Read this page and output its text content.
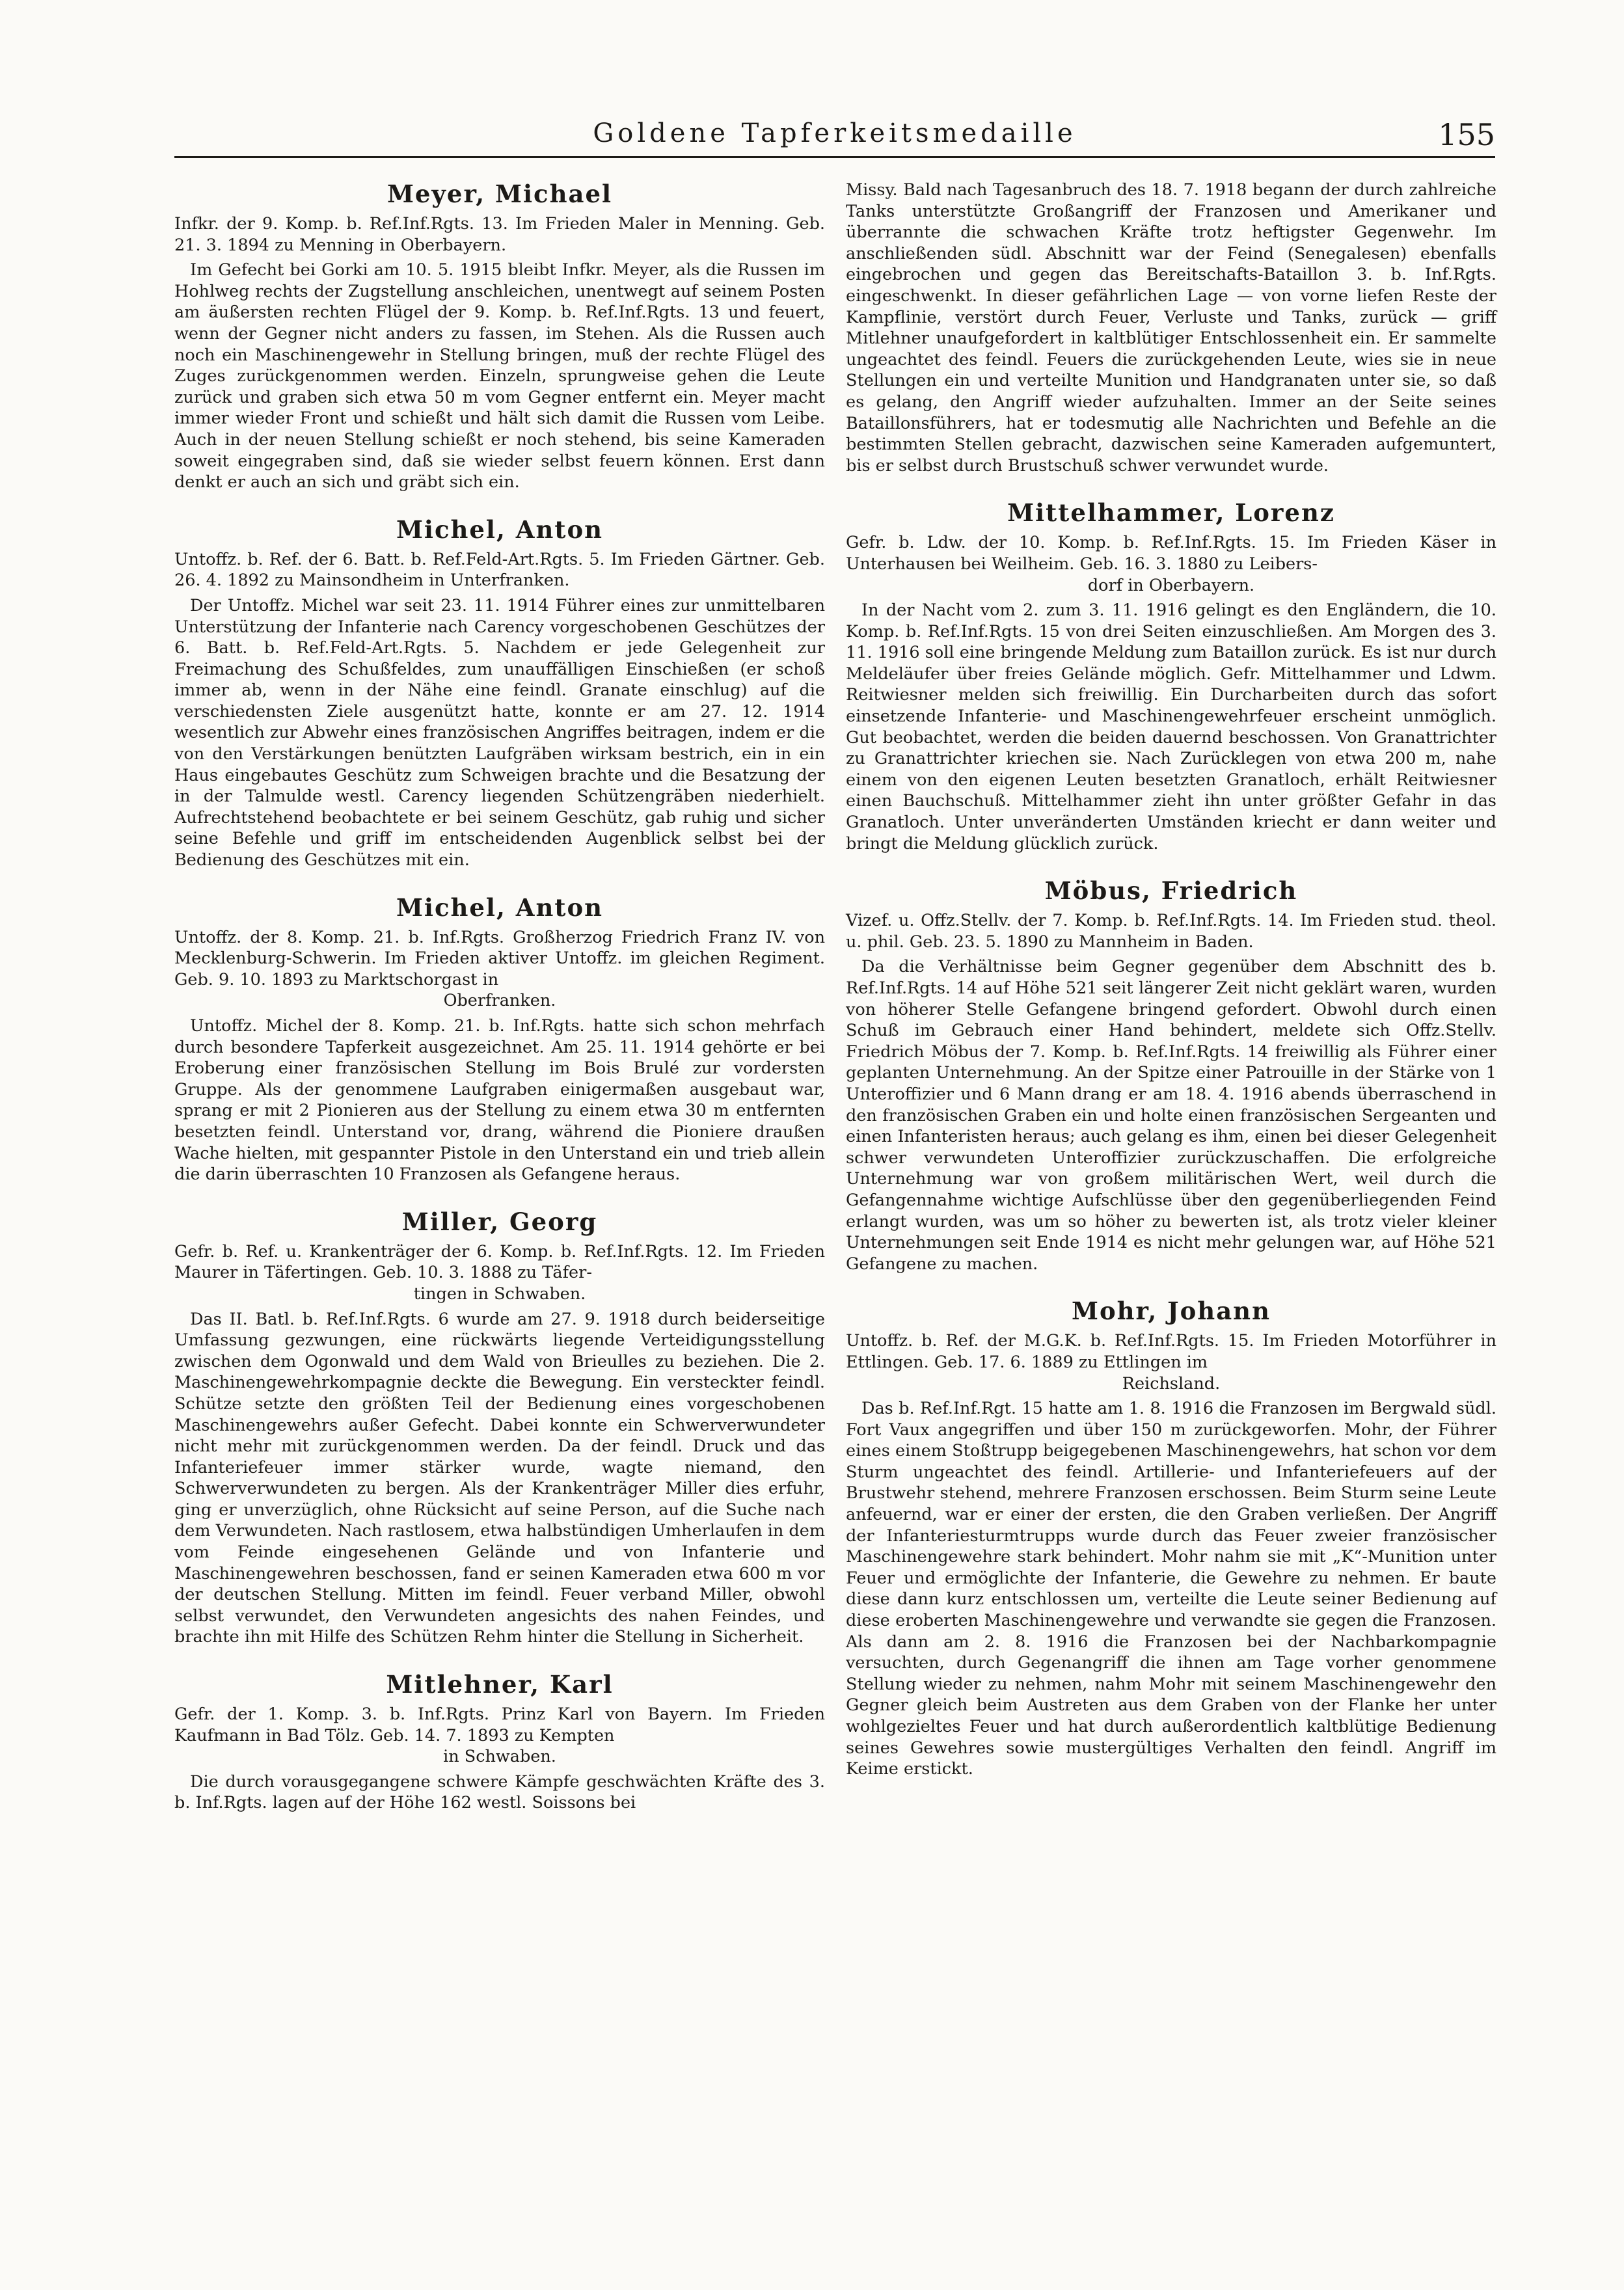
Goldene Tapferkeitsmedaille	155
Meyer, Michael

Infkr. der 9. Komp. b. Ref.Inf.Rgts. 13. Im Frieden Maler in Menning. Geb. 21. 3. 1894 zu Menning in Oberbayern.

Im Gefecht bei Gorki am 10. 5. 1915 bleibt Infkr. Meyer, als die Russen im Hohlweg rechts der Zugstellung anschleichen, unentwegt auf seinem Posten am äußersten rechten Flügel der 9. Komp. b. Ref.Inf.Rgts. 13 und feuert, wenn der Gegner nicht anders zu fassen, im Stehen. Als die Russen auch noch ein Maschinengewehr in Stellung bringen, muß der rechte Flügel des Zuges zurückgenommen werden. Einzeln, sprungweise gehen die Leute zurück und graben sich etwa 50 m vom Gegner entfernt ein. Meyer macht immer wieder Front und schießt und hält sich damit die Russen vom Leibe. Auch in der neuen Stellung schießt er noch stehend, bis seine Kameraden soweit eingegraben sind, daß sie wieder selbst feuern können. Erst dann denkt er auch an sich und gräbt sich ein.

Michel, Anton

Untoffz. b. Ref. der 6. Batt. b. Ref.Feld-Art.Rgts. 5. Im Frieden Gärtner. Geb. 26. 4. 1892 zu Mainsondheim in Unterfranken.

Der Untoffz. Michel war seit 23. 11. 1914 Führer eines zur unmittelbaren Unterstützung der Infanterie nach Carency vorgeschobenen Geschützes der 6. Batt. b. Ref.Feld-Art.Rgts. 5. Nachdem er jede Gelegenheit zur Freimachung des Schußfeldes, zum unauffälligen Einschießen (er schoß immer ab, wenn in der Nähe eine feindl. Granate einschlug) auf die verschiedensten Ziele ausgenützt hatte, konnte er am 27. 12. 1914 wesentlich zur Abwehr eines französischen Angriffes beitragen, indem er die von den Verstärkungen benützten Laufgräben wirksam bestrich, ein in ein Haus eingebautes Geschütz zum Schweigen brachte und die Besatzung der in der Talmulde westl. Carency liegenden Schützengräben niederhielt. Aufrechtstehend beobachtete er bei seinem Geschütz, gab ruhig und sicher seine Befehle und griff im entscheidenden Augenblick selbst bei der Bedienung des Geschützes mit ein.

Michel, Anton

Untoffz. der 8. Komp. 21. b. Inf.Rgts. Großherzog Friedrich Franz IV. von Mecklenburg-Schwerin. Im Frieden aktiver Untoffz. im gleichen Regiment. Geb. 9. 10. 1893 zu Marktschorgast in

Oberfranken.

Untoffz. Michel der 8. Komp. 21. b. Inf.Rgts. hatte sich schon mehrfach durch besondere Tapferkeit ausgezeichnet. Am 25. 11. 1914 gehörte er bei Eroberung einer französischen Stellung im Bois Brulé zur vordersten Gruppe. Als der genommene Laufgraben einigermaßen ausgebaut war, sprang er mit 2 Pionieren aus der Stellung zu einem etwa 30 m entfernten besetzten feindl. Unterstand vor, drang, während die Pioniere draußen Wache hielten, mit gespannter Pistole in den Unterstand ein und trieb allein die darin überraschten 10 Franzosen als Gefangene heraus.

Miller, Georg

Gefr. b. Ref. u. Krankenträger der 6. Komp. b. Ref.Inf.Rgts. 12. Im Frieden Maurer in Täfertingen. Geb. 10. 3. 1888 zu Täfer-

tingen in Schwaben.

Das II. Batl. b. Ref.Inf.Rgts. 6 wurde am 27. 9. 1918 durch beiderseitige Umfassung gezwungen, eine rückwärts liegende Verteidigungsstellung zwischen dem Ogonwald und dem Wald von Brieulles zu beziehen. Die 2. Maschinengewehrkompagnie deckte die Bewegung. Ein versteckter feindl. Schütze setzte den größten Teil der Bedienung eines vorgeschobenen Maschinengewehrs außer Gefecht. Dabei konnte ein Schwerverwundeter nicht mehr mit zurückgenommen werden. Da der feindl. Druck und das Infanteriefeuer immer stärker wurde, wagte niemand, den Schwerverwundeten zu bergen. Als der Krankenträger Miller dies erfuhr, ging er unverzüglich, ohne Rücksicht auf seine Person, auf die Suche nach dem Verwundeten. Nach rastlosem, etwa halbstündigen Umherlaufen in dem vom Feinde eingesehenen Gelände und von Infanterie und Maschinengewehren beschossen, fand er seinen Kameraden etwa 600 m vor der deutschen Stellung. Mitten im feindl. Feuer verband Miller, obwohl selbst verwundet, den Verwundeten angesichts des nahen Feindes, und brachte ihn mit Hilfe des Schützen Rehm hinter die Stellung in Sicherheit.

Mitlehner, Karl

Gefr. der 1. Komp. 3. b. Inf.Rgts. Prinz Karl von Bayern. Im Frieden Kaufmann in Bad Tölz. Geb. 14. 7. 1893 zu Kempten

in Schwaben.

Die durch vorausgegangene schwere Kämpfe geschwächten Kräfte des 3. b. Inf.Rgts. lagen auf der Höhe 162 westl. Soissons bei

Missy. Bald nach Tagesanbruch des 18. 7. 1918 begann der durch zahlreiche Tanks unterstützte Großangriff der Franzosen und Amerikaner und überrannte die schwachen Kräfte trotz heftigster Gegenwehr. Im anschließenden südl. Abschnitt war der Feind (Senegalesen) ebenfalls eingebrochen und gegen das Bereitschafts-Bataillon 3. b. Inf.Rgts. eingeschwenkt. In dieser gefährlichen Lage — von vorne liefen Reste der Kampflinie, verstört durch Feuer, Verluste und Tanks, zurück — griff Mitlehner unaufgefordert in kaltblütiger Entschlossenheit ein. Er sammelte ungeachtet des feindl. Feuers die zurückgehenden Leute, wies sie in neue Stellungen ein und verteilte Munition und Handgranaten unter sie, so daß es gelang, den Angriff wieder aufzuhalten. Immer an der Seite seines Bataillonsführers, hat er todesmutig alle Nachrichten und Befehle an die bestimmten Stellen gebracht, dazwischen seine Kameraden aufgemuntert, bis er selbst durch Brustschuß schwer verwundet wurde.

Mittelhammer, Lorenz

Gefr. b. Ldw. der 10. Komp. b. Ref.Inf.Rgts. 15. Im Frieden Käser in Unterhausen bei Weilheim. Geb. 16. 3. 1880 zu Leibers-

dorf in Oberbayern.

In der Nacht vom 2. zum 3. 11. 1916 gelingt es den Engländern, die 10. Komp. b. Ref.Inf.Rgts. 15 von drei Seiten einzuschließen. Am Morgen des 3. 11. 1916 soll eine bringende Meldung zum Bataillon zurück. Es ist nur durch Meldeläufer über freies Gelände möglich. Gefr. Mittelhammer und Ldwm. Reitwiesner melden sich freiwillig. Ein Durcharbeiten durch das sofort einsetzende Infanterie- und Maschinengewehrfeuer erscheint unmöglich. Gut beobachtet, werden die beiden dauernd beschossen. Von Granattrichter zu Granattrichter kriechen sie. Nach Zurücklegen von etwa 200 m, nahe einem von den eigenen Leuten besetzten Granatloch, erhält Reitwiesner einen Bauchschuß. Mittelhammer zieht ihn unter größter Gefahr in das Granatloch. Unter unveränderten Umständen kriecht er dann weiter und bringt die Meldung glücklich zurück.

Möbus, Friedrich

Vizef. u. Offz.Stellv. der 7. Komp. b. Ref.Inf.Rgts. 14. Im Frieden stud. theol. u. phil. Geb. 23. 5. 1890 zu Mannheim in Baden.

Da die Verhältnisse beim Gegner gegenüber dem Abschnitt des b. Ref.Inf.Rgts. 14 auf Höhe 521 seit längerer Zeit nicht geklärt waren, wurden von höherer Stelle Gefangene bringend gefordert. Obwohl durch einen Schuß im Gebrauch einer Hand behindert, meldete sich Offz.Stellv. Friedrich Möbus der 7. Komp. b. Ref.Inf.Rgts. 14 freiwillig als Führer einer geplanten Unternehmung. An der Spitze einer Patrouille in der Stärke von 1 Unteroffizier und 6 Mann drang er am 18. 4. 1916 abends überraschend in den französischen Graben ein und holte einen französischen Sergeanten und einen Infanteristen heraus; auch gelang es ihm, einen bei dieser Gelegenheit schwer verwundeten Unteroffizier zurückzuschaffen. Die erfolgreiche Unternehmung war von großem militärischen Wert, weil durch die Gefangennahme wichtige Aufschlüsse über den gegenüberliegenden Feind erlangt wurden, was um so höher zu bewerten ist, als trotz vieler kleiner Unternehmungen seit Ende 1914 es nicht mehr gelungen war, auf Höhe 521 Gefangene zu machen.

Mohr, Johann

Untoffz. b. Ref. der M.G.K. b. Ref.Inf.Rgts. 15. Im Frieden Motorführer in Ettlingen. Geb. 17. 6. 1889 zu Ettlingen im

Reichsland.

Das b. Ref.Inf.Rgt. 15 hatte am 1. 8. 1916 die Franzosen im Bergwald südl. Fort Vaux angegriffen und über 150 m zurückgeworfen. Mohr, der Führer eines einem Stoßtrupp beigegebenen Maschinengewehrs, hat schon vor dem Sturm ungeachtet des feindl. Artillerie- und Infanteriefeuers auf der Brustwehr stehend, mehrere Franzosen erschossen. Beim Sturm seine Leute anfeuernd, war er einer der ersten, die den Graben verließen. Der Angriff der Infanteriesturmtrupps wurde durch das Feuer zweier französischer Maschinengewehre stark behindert. Mohr nahm sie mit „K“-Munition unter Feuer und ermöglichte der Infanterie, die Gewehre zu nehmen. Er baute diese dann kurz entschlossen um, verteilte die Leute seiner Bedienung auf diese eroberten Maschinengewehre und verwandte sie gegen die Franzosen. Als dann am 2. 8. 1916 die Franzosen bei der Nachbarkompagnie versuchten, durch Gegenangriff die ihnen am Tage vorher genommene Stellung wieder zu nehmen, nahm Mohr mit seinem Maschinengewehr den Gegner gleich beim Austreten aus dem Graben von der Flanke her unter wohlgezieltes Feuer und hat durch außerordentlich kaltblütige Bedienung seines Gewehres sowie mustergültiges Verhalten den feindl. Angriff im Keime erstickt.
